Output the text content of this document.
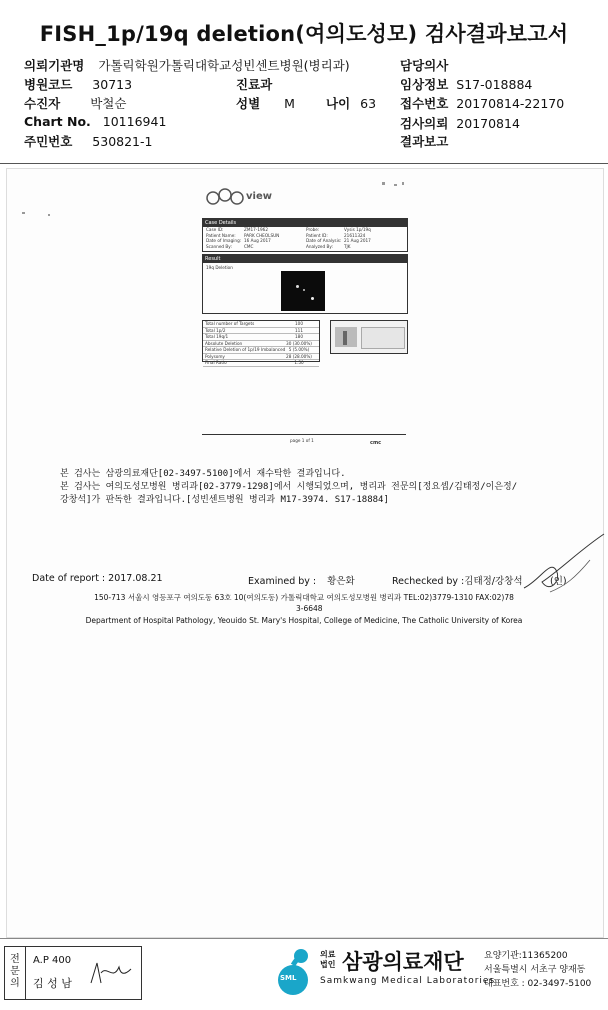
FISH_1p/19q deletion(여의도성모) 검사결과보고서
의뢰기관명 가톨릭학원가톨릭대학교성빈센트병원(병리과)	담당의사
병원코드 30713	진료과	임상정보 S17-018884
수진자 박철순	성별 M 나이 63 접수번호 20170814-22170
Chart No. 10116941	검사의뢰 20170814
주민번호 530821-1	결과보고
view
Case Details
Case ID:	ZM17-1962	Probe:	Vysis 1p/19q
Patient Name:	PARK CHEOLSUN	Patient ID:	21611324
Date of Imaging: 16 Aug 2017	Date of Analysis: 21 Aug 2017
Scanned By:	CMC	Analyzed By:	TJK
Result
19q Deletion
Total number of Targets	100
Total 1p/2	111
Total 19q/1	180
Absolute Deletion	30 (30.00%)
Relative Deletion of 1p/19 Imbalanced 5 (5.00%)
Polysomy	28 (28.00%)
Final Ratio	1.50
page 1 of 1	cmc
본 검사는 삼광의료재단[02-3497-5100]에서 재수탁한 결과입니다.
본 검사는 여의도성모병원 병리과[02-3779-1298]에서 시행되었으며, 병리과 전문의[정요셉/김태정/이은정/
강창석]가 판독한 결과입니다.[성빈센트병원 병리과 M17-3974. S17-18884]
Date of report : 2017.08.21	Examined by : 황은화	Rechecked by :김태정/강창석	(인)
150-713 서울시 영등포구 여의도동 63호 10(여의도동) 가톨릭대학교 여의도성모병원 병리과 TEL:02)3779-1310 FAX:02)78
3-6648
Department of Hospital Pathology, Yeouido St. Mary's Hospital, College of Medicine, The Catholic University of Korea
전
문
의
A.P 400
김 성 남	SML
의료
법인 삼광의료재단
Samkwang Medical Laboratories
요양기관:11365200
서울특별시 서초구 양재동
대표번호 : 02-3497-5100
